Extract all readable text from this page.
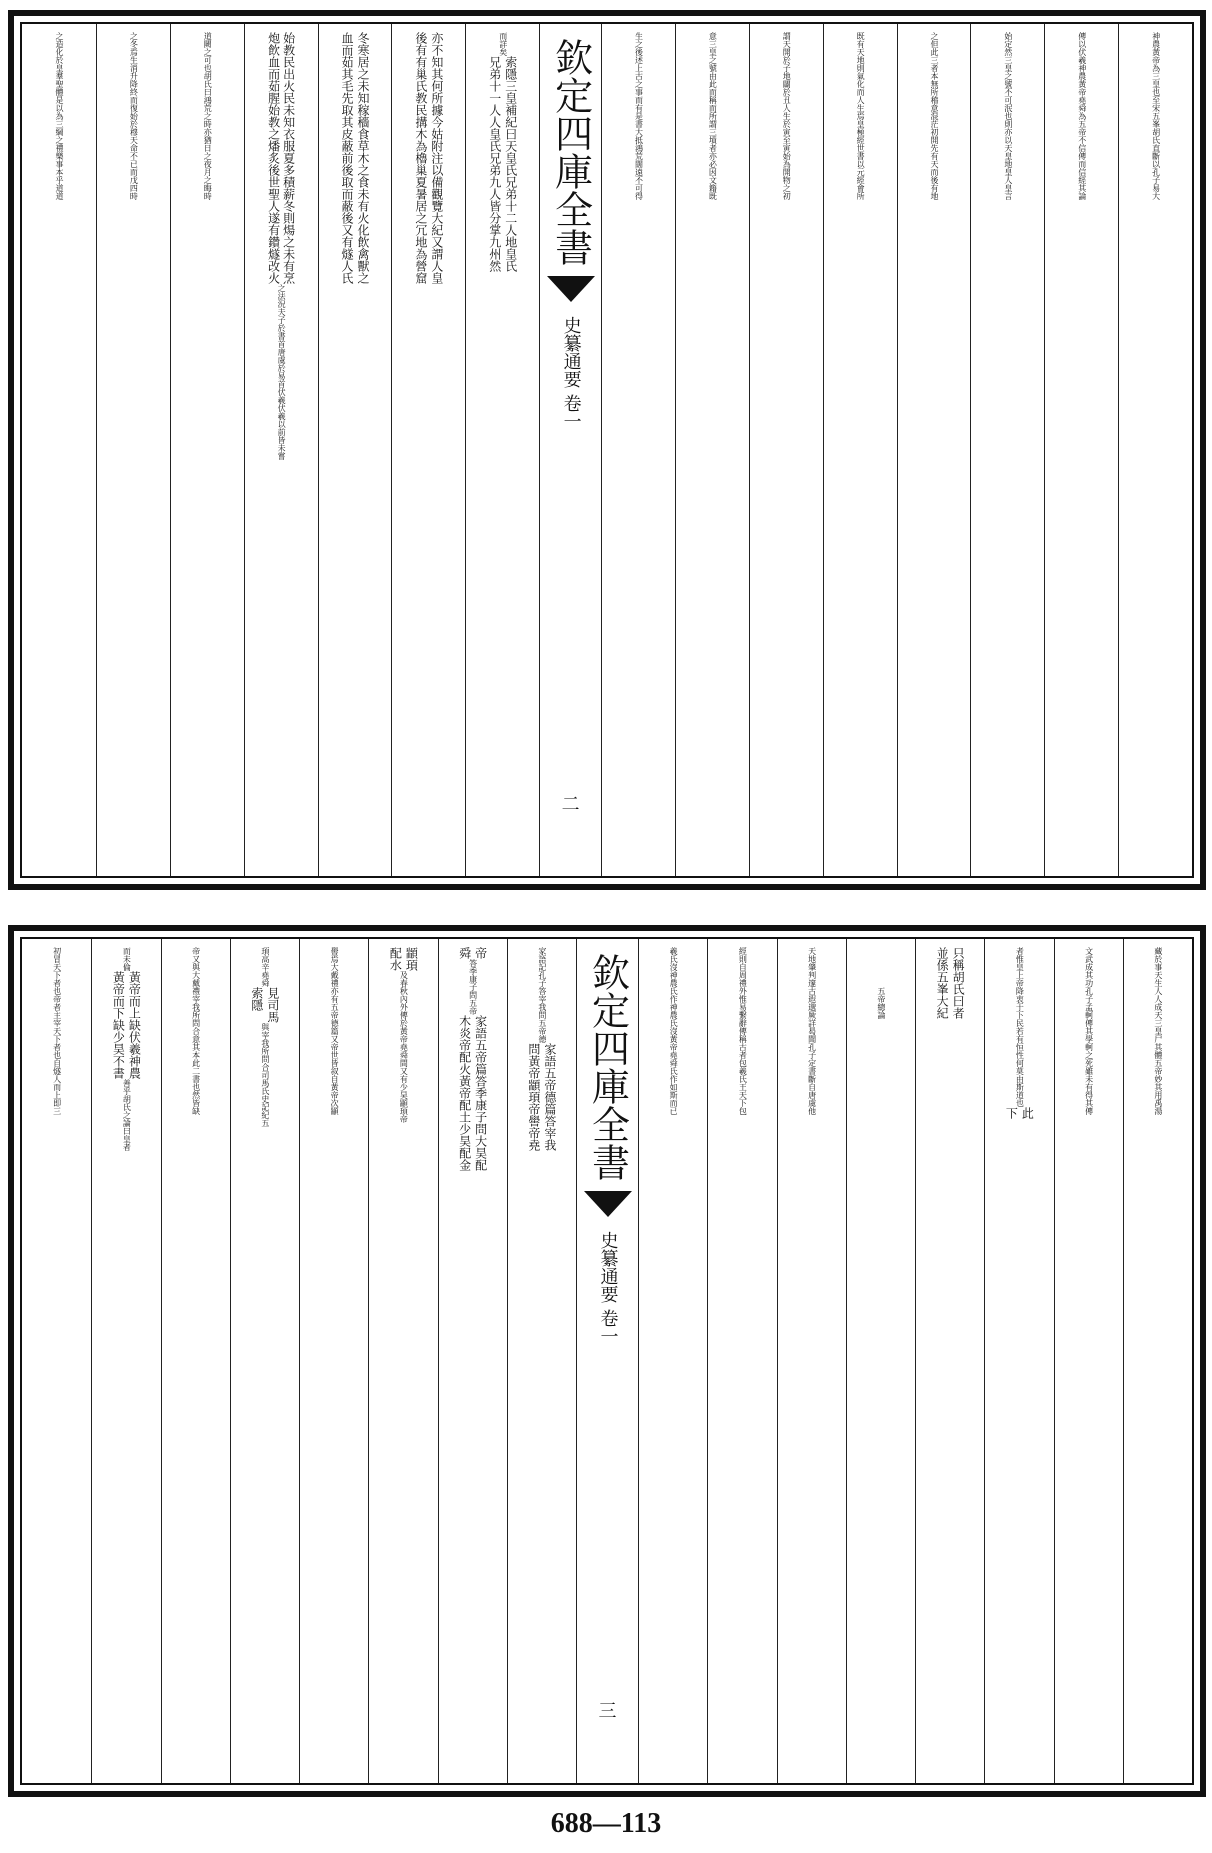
神農黃帝為三皇也至宋五峯胡氏直斷以孔子易大
傳以伏羲神農黃帝堯舜為五帝不信傳而信經其論
始定然三皇之號不可泯也則亦以天皇地皇人皇言
之但此三者本無所稽意混茫初開先有天而後有地
既有天地則氣化而人生焉皇極經世書以元經會所
謂天開於子地闢於丑人生於寅至寅始為開物之初
意三皇之號由此而稱而所謂三墳者亦必因文籍既
生之後述上古之事而有是書大抵鴻荒闊遠不可得
欽定四庫全書
史纂通要
卷一
二
而詳矣
索隱三皇補紀曰天皇氏兄弟十二人地皇氏
兄弟十一人人皇氏兄弟九人皆分掌九州然
亦不知其何所據今姑附注以備觀覽大紀又謂人皇
後有有巢氏教民搆木為櫓巢夏暑居之冗地為營窟
冬寒居之未知稼穡食草木之食未有火化飲禽獸之
血而茹其毛先取其皮蔽前後取而蔽後又有燧人氏
始教民出火民未知衣服夏多積薪冬則煬之未有烹
炮飲血而茹腥始教之燔炙後世聖人遂有鑽燧改火
之法況夫子於書首唐虞於易首伏羲伏羲以前皆未嘗
道闕之可也胡氏曰鴻荒之時亦猶日之夜月之晦時
之冬焉生消升降終而復始於穆天命不已而戊四時
之造化於皇羣聖體是以為三綱之禮樂事本乎道道
藏於事天生人人成天三皇尸其體五帝妙其用禹湯
文武成其功孔子孟軻傳其學軻之死雖未有得其傳
者惟皇上帝降衷于下民若有恒性何莫由斯道也
此
下
只稱胡氏曰者
並係五峯大紀
五帝總論
天地肇判邃古遐邈厥詳曷聞孔子定書斷自唐虞他
經則自周禮外惟易繫辭傳稱古者包羲氏王天下包
羲氏沒神農氏作神農氏沒黃帝堯舜氏作如斯而已
欽定四庫全書
史纂通要
卷一
三
家語記孔子答宰我問五帝德
家語五帝德篇答宰我
問黃帝顓頊帝嚳帝堯
帝
舜
答季康子問五帝
家語五帝篇答季康子問大昊配
木炎帝配火黃帝配土少昊配金
顓頊
配水
及春秋內外傳於黃帝堯舜間又有少昊顓頊帝
嚳焉大戴禮亦有五帝德篇又帝世皆叙自黃帝次顓
頊高辛堯舜
見司馬
索隱
與宰我所問合司馬氏史記紀五
帝又與大戴禮宰我所問合意其本此二書也然皆缺
而未倫
黃帝而上缺伏羲神農
黃帝而下缺少昊不書
善乎胡氏之論曰皇者
初冒天下者也帝者主宰天下者也自燧人而上即三
688—113
